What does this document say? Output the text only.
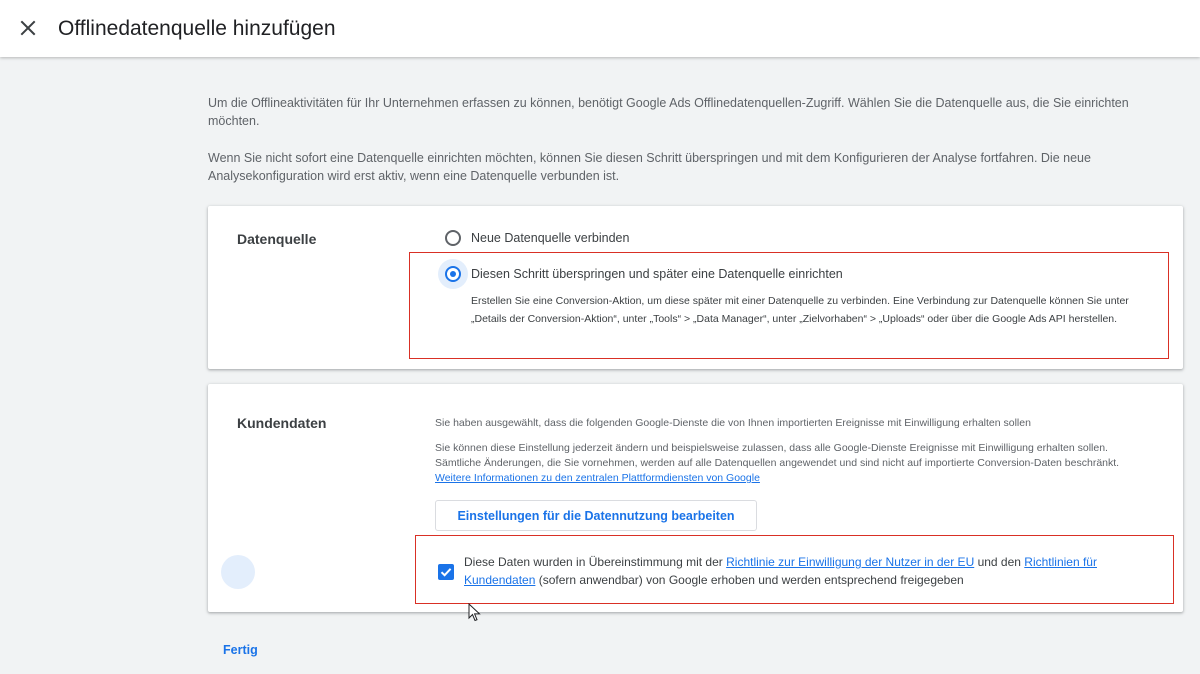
Offlinedatenquelle hinzufügen
Um die Offlineaktivitäten für Ihr Unternehmen erfassen zu können, benötigt Google Ads Offlinedatenquellen-Zugriff. Wählen Sie die Datenquelle aus, die Sie einrichten möchten.
Wenn Sie nicht sofort eine Datenquelle einrichten möchten, können Sie diesen Schritt überspringen und mit dem Konfigurieren der Analyse fortfahren. Die neue Analysekonfiguration wird erst aktiv, wenn eine Datenquelle verbunden ist.
Datenquelle	Neue Datenquelle verbinden
Diesen Schritt überspringen und später eine Datenquelle einrichten
Erstellen Sie eine Conversion-Aktion, um diese später mit einer Datenquelle zu verbinden. Eine Verbindung zur Datenquelle können Sie unter „Details der Conversion-Aktion“, unter „Tools“ > „Data Manager“, unter „Zielvorhaben“ > „Uploads“ oder über die Google Ads API herstellen.
Kundendaten	Sie haben ausgewählt, dass die folgenden Google-Dienste die von Ihnen importierten Ereignisse mit Einwilligung erhalten sollen
Sie können diese Einstellung jederzeit ändern und beispielsweise zulassen, dass alle Google-Dienste Ereignisse mit Einwilligung erhalten sollen. Sämtliche Änderungen, die Sie vornehmen, werden auf alle Datenquellen angewendet und sind nicht auf importierte Conversion-Daten beschränkt. Weitere Informationen zu den zentralen Plattformdiensten von Google
Einstellungen für die Datennutzung bearbeiten
Diese Daten wurden in Übereinstimmung mit der Richtlinie zur Einwilligung der Nutzer in der EU und den Richtlinien für Kundendaten (sofern anwendbar) von Google erhoben und werden entsprechend freigegeben
Fertig
